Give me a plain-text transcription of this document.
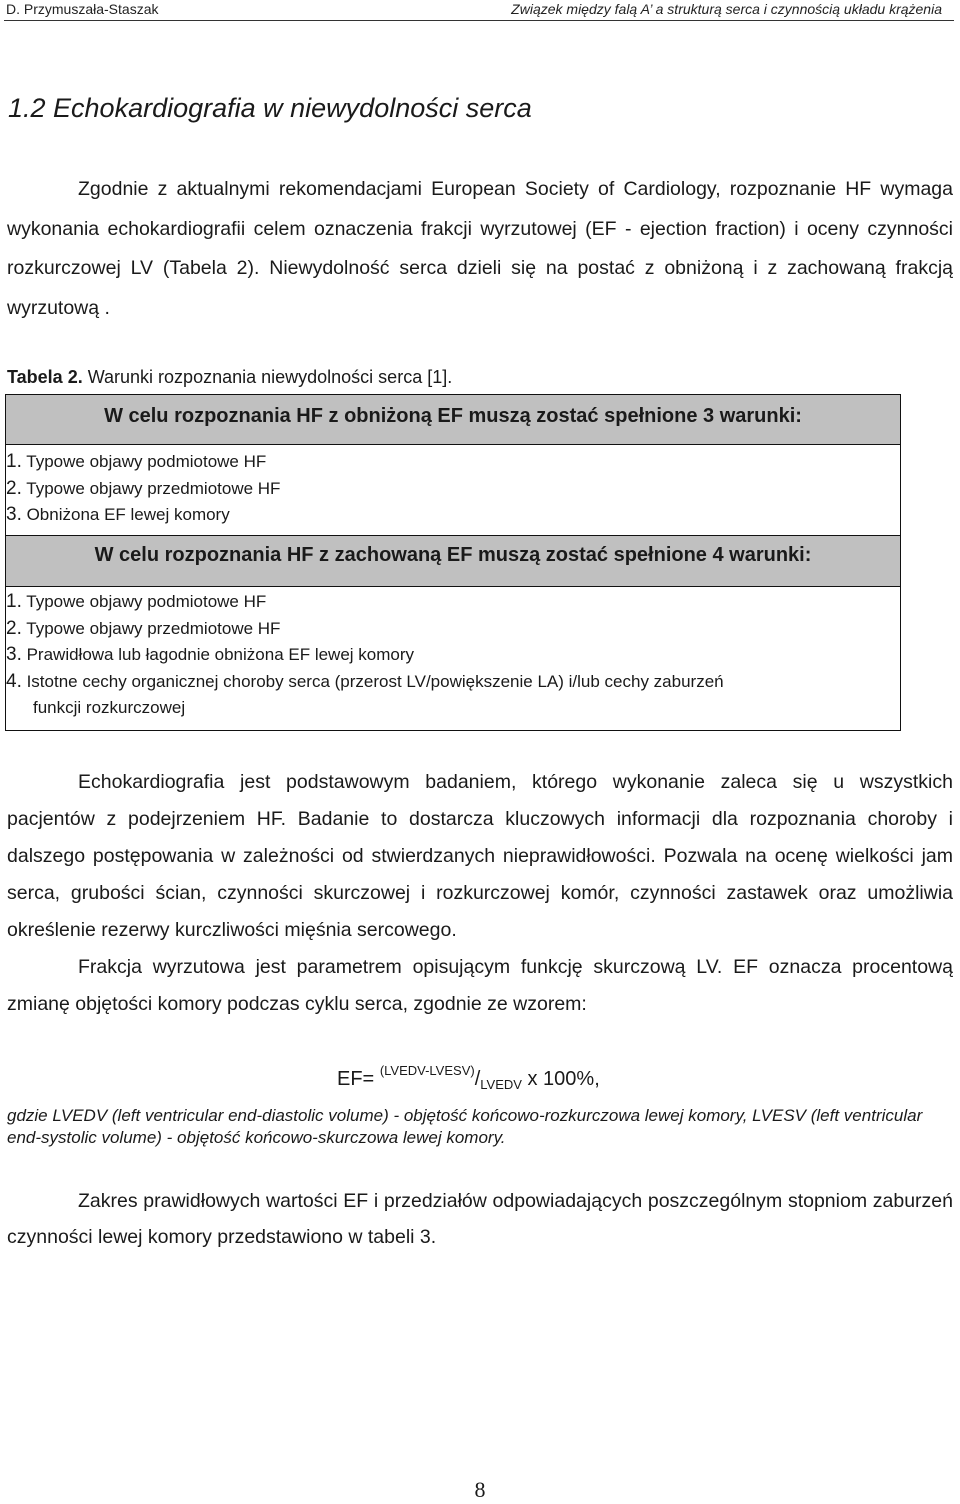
D. Przymuszała-Staszak	Związek między falą A’ a strukturą serca i czynnością układu krążenia
1.2 Echokardiografia w niewydolności serca

Zgodnie z aktualnymi rekomendacjami European Society of Cardiology, rozpoznanie HF wymaga wykonania echokardiografii celem oznaczenia frakcji wyrzutowej (EF - ejection fraction) i oceny czynności rozkurczowej LV (Tabela 2). Niewydolność serca dzieli się na postać z obniżoną i z zachowaną frakcją wyrzutową .

Tabela 2. Warunki rozpoznania niewydolności serca [1].
W celu rozpoznania HF z obniżoną EF muszą zostać spełnione 3 warunki:
1. Typowe objawy podmiotowe HF
2. Typowe objawy przedmiotowe HF
3. Obniżona EF lewej komory
W celu rozpoznania HF z zachowaną EF muszą zostać spełnione 4 warunki:
1. Typowe objawy podmiotowe HF
2. Typowe objawy przedmiotowe HF
3. Prawidłowa lub łagodnie obniżona EF lewej komory
4. Istotne cechy organicznej choroby serca (przerost LV/powiększenie LA) i/lub cechy zaburzeń
funkcji rozkurczowej

Echokardiografia jest podstawowym badaniem, którego wykonanie zaleca się u wszystkich pacjentów z podejrzeniem HF. Badanie to dostarcza kluczowych informacji dla rozpoznania choroby i dalszego postępowania w zależności od stwierdzanych nieprawidłowości. Pozwala na ocenę wielkości jam serca, grubości ścian, czynności skurczowej i rozkurczowej komór, czynności zastawek oraz umożliwia określenie rezerwy kurczliwości mięśnia sercowego.

Frakcja wyrzutowa jest parametrem opisującym funkcję skurczową LV. EF oznacza procentową zmianę objętości komory podczas cyklu serca, zgodnie ze wzorem:

$EF= ^{(LVEDV-LVESV)}/_{LVEDV}$ x 100%,
gdzie LVEDV (left ventricular end-diastolic volume) - objętość końcowo-rozkurczowa lewej komory, LVESV (left ventricular end-systolic volume) - objętość końcowo-skurczowa lewej komory.

Zakres prawidłowych wartości EF i przedziałów odpowiadających poszczególnym stopniom zaburzeń czynności lewej komory przedstawiono w tabeli 3.

8
